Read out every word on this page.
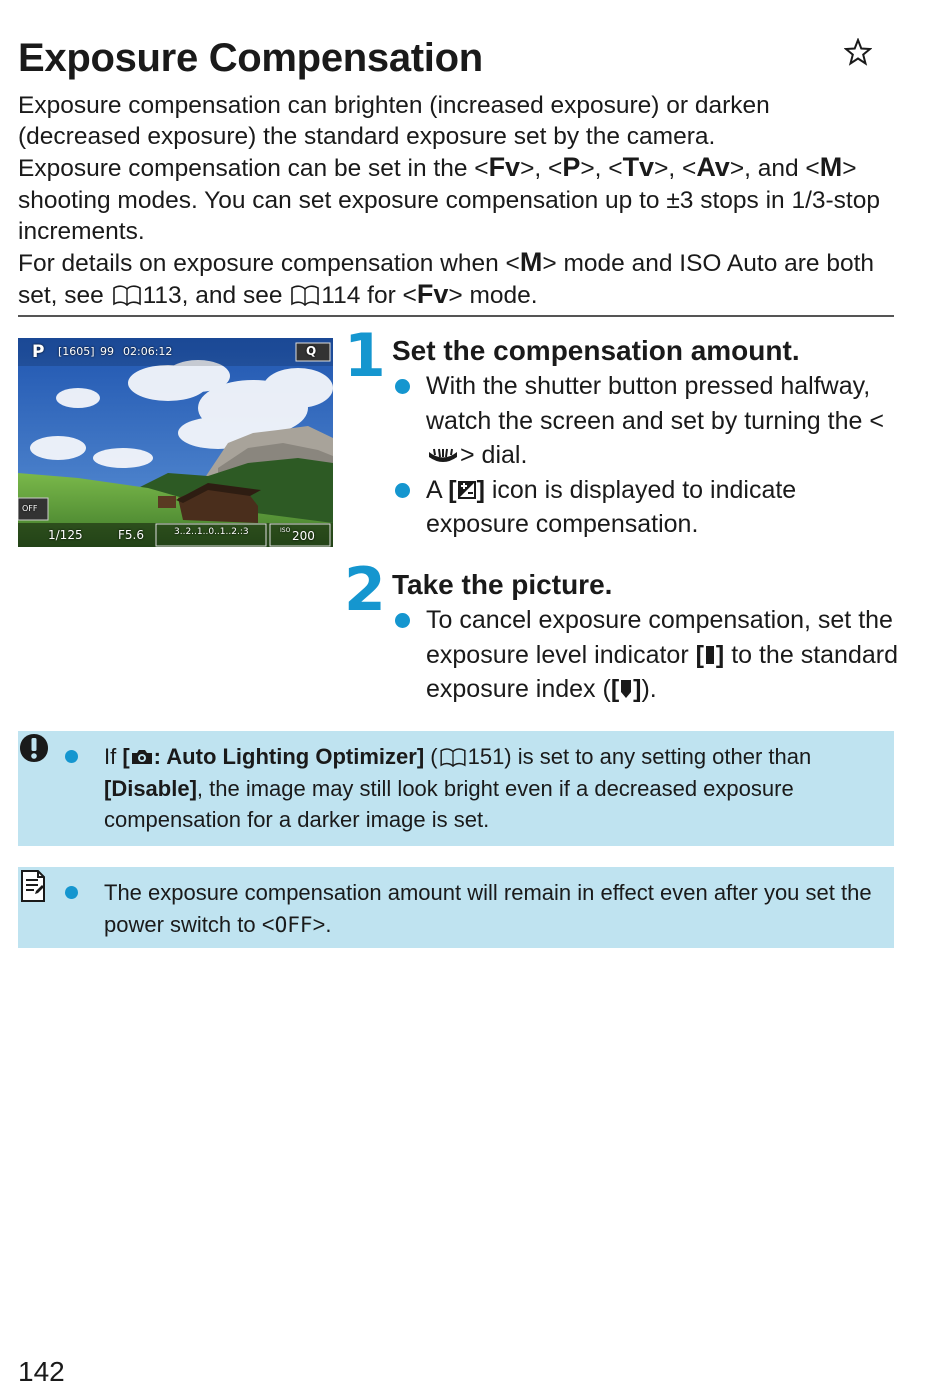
Exposure Compensation

Exposure compensation can brighten (increased exposure) or darken (decreased exposure) the standard exposure set by the camera.

Exposure compensation can be set in the <Fv>, <P>, <Tv>, <Av>, and <M> shooting modes. You can set exposure compensation up to ±3 stops in 1/3-stop increments.

For details on exposure compensation when <M> mode and ISO Auto are both set, see 113, and see 114 for <Fv> mode.

P [1605] 99 02:06:12	Q
OFF
1/125	F5.6	3..2..1..0..1..2.:3	ISO 200
1 Set the compensation amount.
With the shutter button pressed halfway, watch the screen and set by turning the <> dial.
A [ ] icon is displayed to indicate exposure compensation.
2 Take the picture.
To cancel exposure compensation, set the exposure level indicator [ ] to the standard exposure index ([ ]).
If [ : Auto Lighting Optimizer] ( 151) is set to any setting other than [Disable], the image may still look bright even if a decreased exposure compensation for a darker image is set.
The exposure compensation amount will remain in effect even after you set the power switch to <OFF>.
142
